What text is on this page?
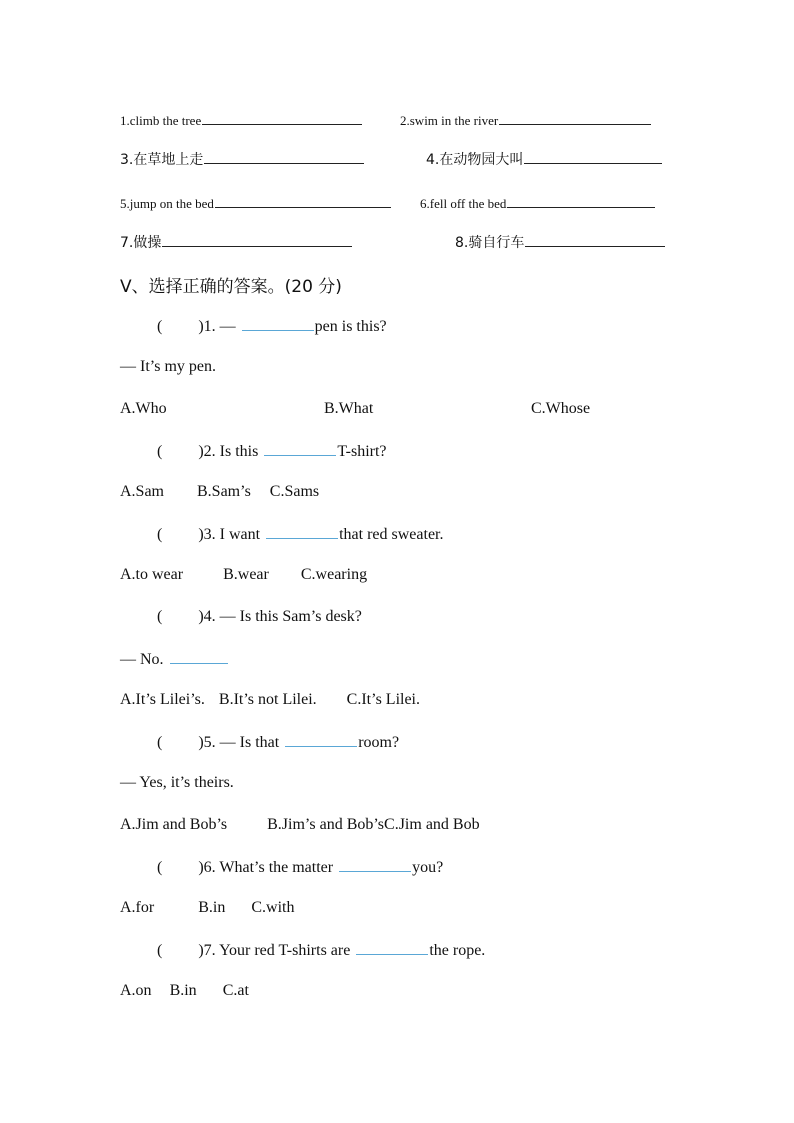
1.climb the tree	2.swim in the river
3.在草地上走	4.在动物园大叫
5.jump on the bed	6.fell off the bed
7.做操	8.骑自行车
Ⅴ、选择正确的答案。(20 分)
( )1. —	pen is this?
— It’s my pen.
A.Who	B.What	C.Whose
( )2. Is this	T-shirt?
A.Sam B.Sam’s C.Sams
( )3. I want	that red sweater.
A.to wear	B.wear C.wearing
( )4. — Is this Sam’s desk?
— No.
A.It’s Lilei’s. B.It’s not Lilei. C.It’s Lilei.
( )5. — Is that	room?
— Yes, it’s theirs.
A.Jim and Bob’s	B.Jim’s and Bob’sC.Jim and Bob
( )6. What’s the matter	you?
A.for	B.in C.with
( )7. Your red T-shirts are	the rope.
A.on B.in C.at
